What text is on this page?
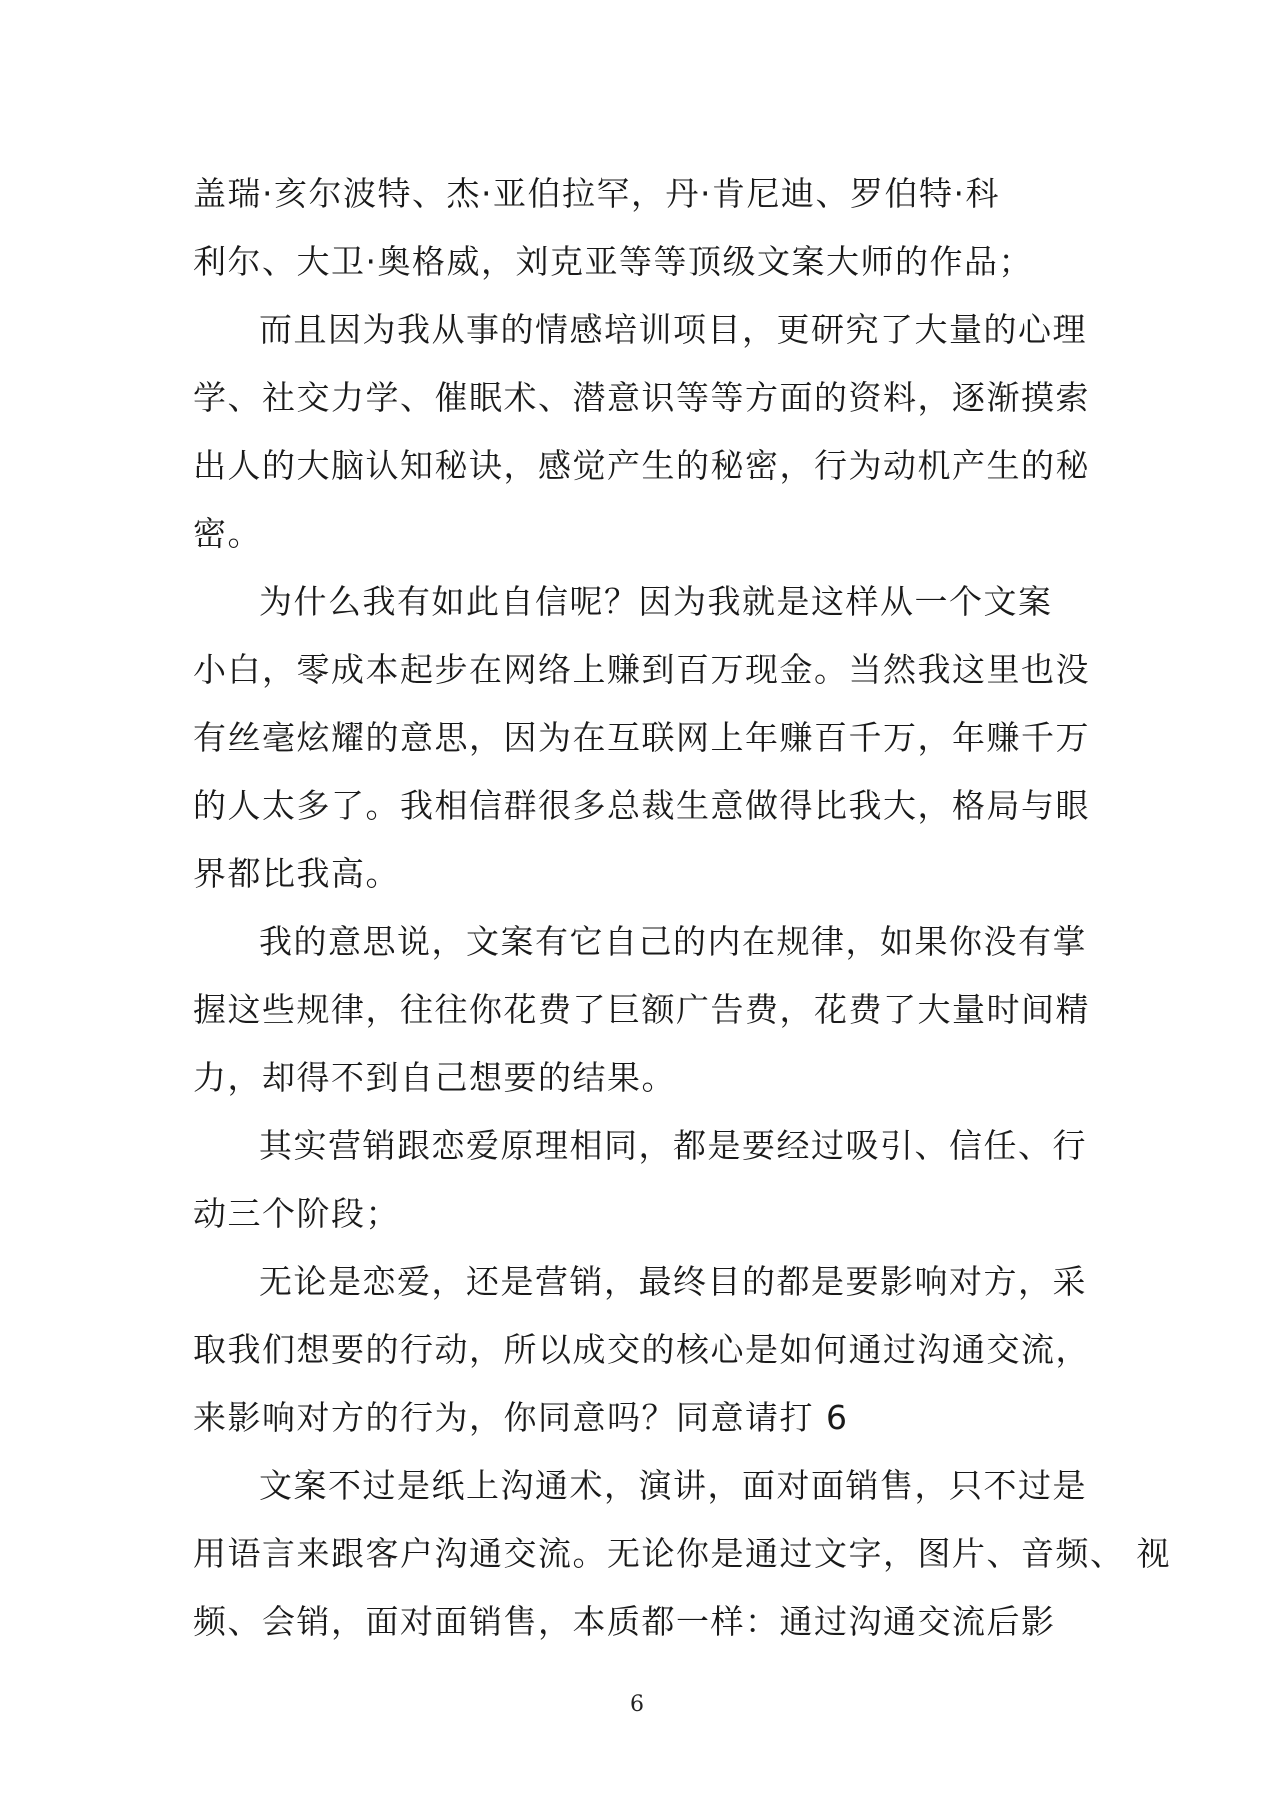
盖瑞·亥尔波特、杰·亚伯拉罕，丹·肯尼迪、罗伯特·科
利尔、大卫·奥格威，刘克亚等等顶级文案大师的作品；
而且因为我从事的情感培训项目，更研究了大量的心理
学、社交力学、催眠术、潜意识等等方面的资料，逐渐摸索
出人的大脑认知秘诀，感觉产生的秘密，行为动机产生的秘
密。
为什么我有如此自信呢？因为我就是这样从一个文案
小白，零成本起步在网络上赚到百万现金。当然我这里也没
有丝毫炫耀的意思，因为在互联网上年赚百千万，年赚千万
的人太多了。我相信群很多总裁生意做得比我大，格局与眼
界都比我高。
我的意思说，文案有它自己的内在规律，如果你没有掌
握这些规律，往往你花费了巨额广告费，花费了大量时间精
力，却得不到自己想要的结果。
其实营销跟恋爱原理相同，都是要经过吸引、信任、行
动三个阶段；
无论是恋爱，还是营销，最终目的都是要影响对方，采
取我们想要的行动，所以成交的核心是如何通过沟通交流，
来影响对方的行为，你同意吗？同意请打 6
文案不过是纸上沟通术，演讲，面对面销售，只不过是
用语言来跟客户沟通交流。无论你是通过文字，图片、音频、 视
频、会销，面对面销售，本质都一样：通过沟通交流后影
6
